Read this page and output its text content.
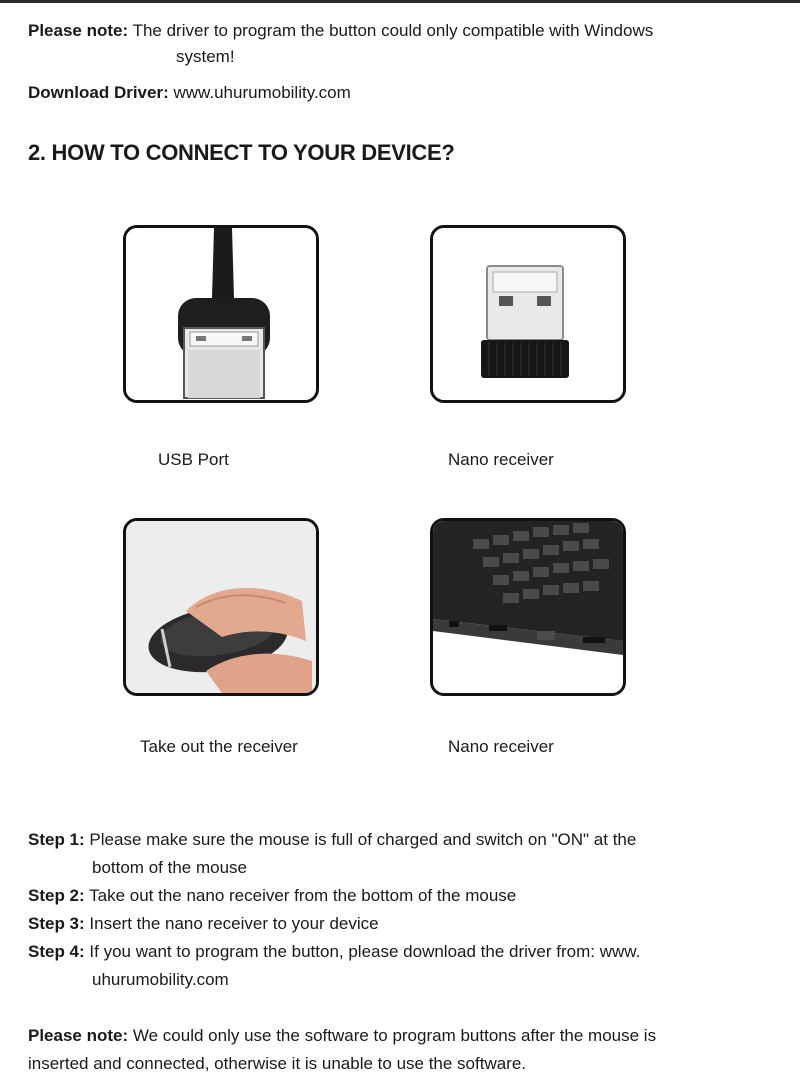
Please note: The driver to program the button could only compatible with Windows
system!
Download Driver: www.uhurumobility.com
2. HOW TO CONNECT TO YOUR DEVICE?
USB Port	Nano receiver
Take out the receiver	Nano receiver
Step 1: Please make sure the mouse is full of charged and switch on "ON" at the
bottom of the mouse
Step 2: Take out the nano receiver from the bottom of the mouse
Step 3: Insert the nano receiver to your device
Step 4: If you want to program the button, please download the driver from: www.
uhurumobility.com
Please note: We could only use the software to program buttons after the mouse is
inserted and connected, otherwise it is unable to use the software.
